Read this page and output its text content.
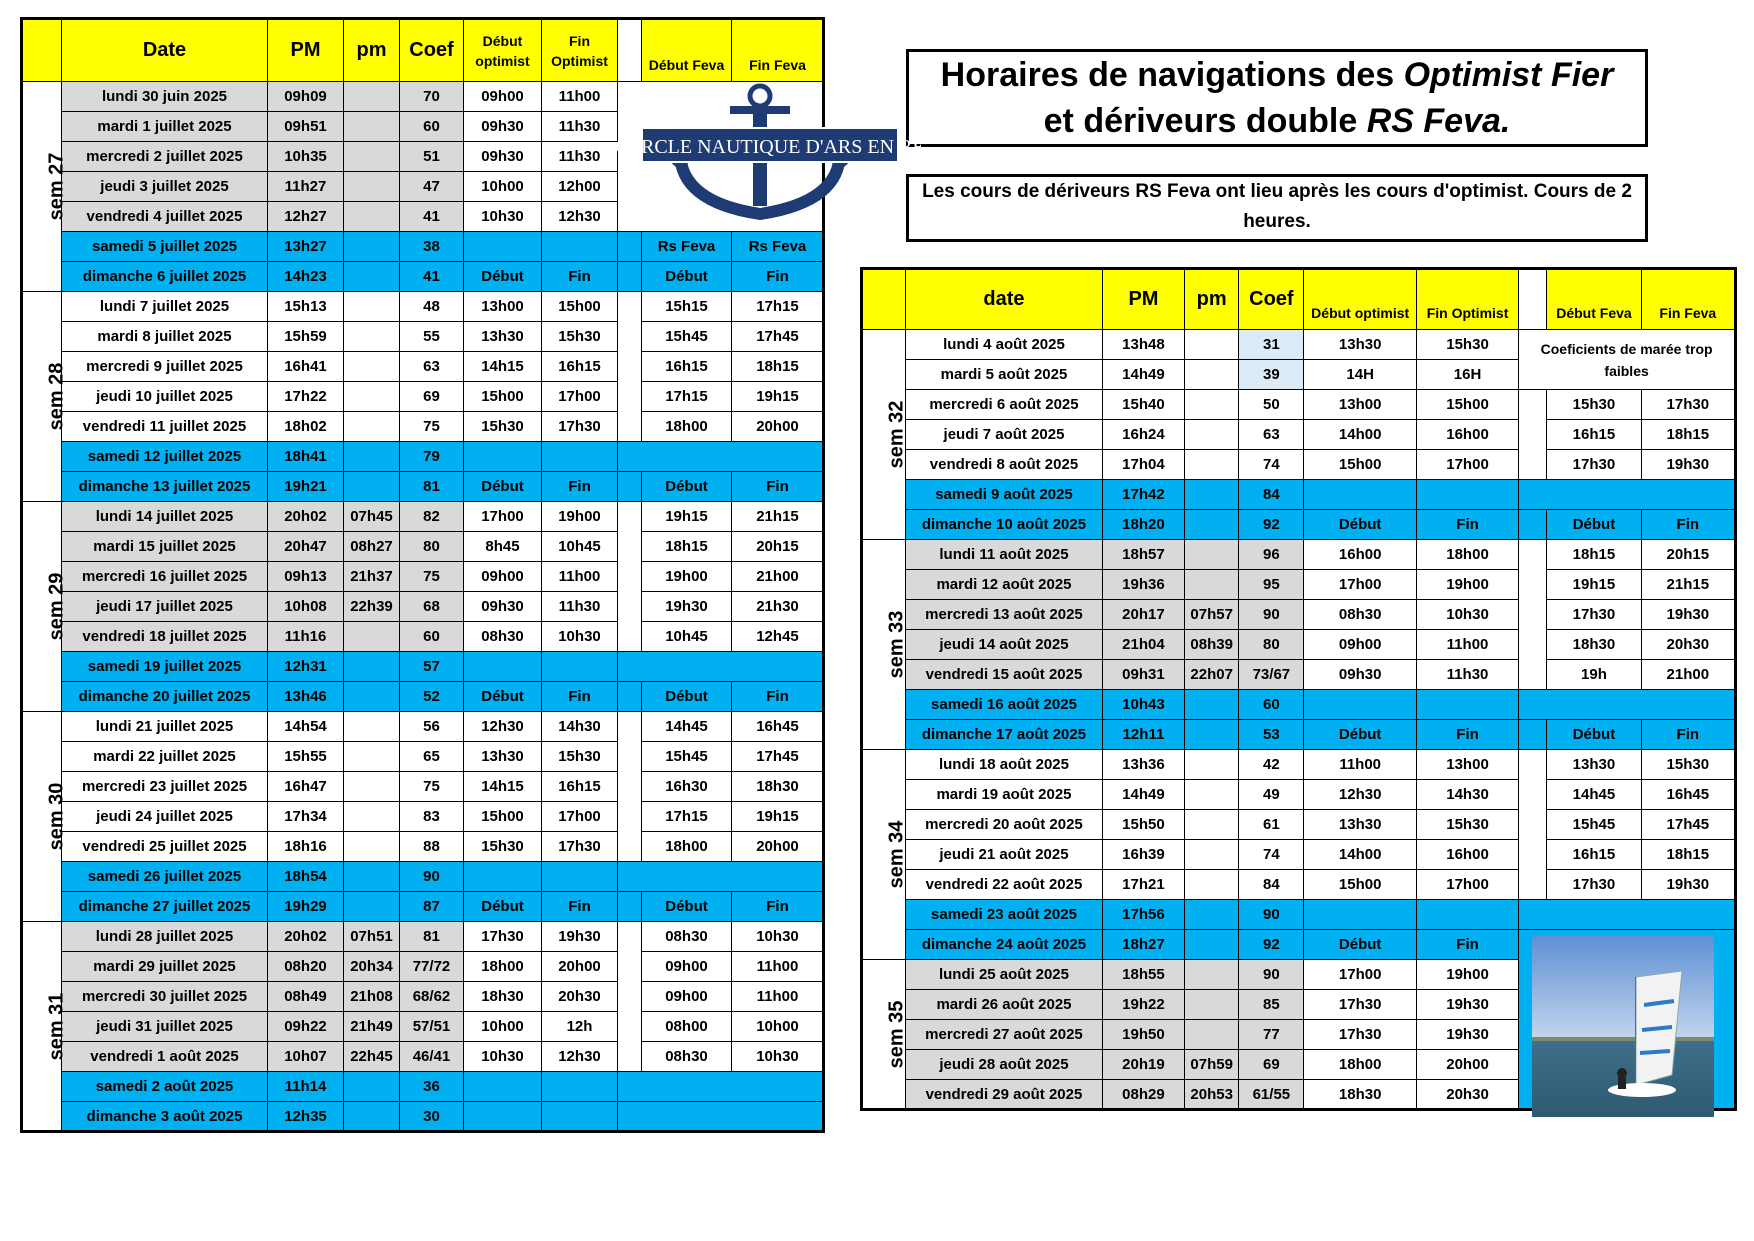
Horaires de navigations des Optimist Fier
et dériveurs double RS Feva.
Les cours de dériveurs RS Feva ont lieu après les cours d'optimist. Cours de 2 heures.
	Date	PM	pm	Coef	Début optimist	Fin Optimist		Début Feva	Fin Feva
sem 27	lundi 30 juin 2025	09h09		70	09h00	11h00			
	mardi 1 juillet 2025	09h51		60	09h30	11h30			
	mercredi 2 juillet 2025	10h35		51	09h30	11h30			
	jeudi 3 juillet 2025	11h27		47	10h00	12h00			
	vendredi 4 juillet 2025	12h27		41	10h30	12h30			
	samedi 5 juillet 2025	13h27		38				Rs Feva	Rs Feva
	dimanche 6 juillet 2025	14h23		41	Début	Fin		Début	Fin
sem 28	lundi 7 juillet 2025	15h13		48	13h00	15h00		15h15	17h15
	mardi 8 juillet 2025	15h59		55	13h30	15h30		15h45	17h45
	mercredi 9 juillet 2025	16h41		63	14h15	16h15		16h15	18h15
	jeudi 10 juillet 2025	17h22		69	15h00	17h00		17h15	19h15
	vendredi 11 juillet 2025	18h02		75	15h30	17h30		18h00	20h00
	samedi 12 juillet 2025	18h41		79					
	dimanche 13 juillet 2025	19h21		81	Début	Fin		Début	Fin
sem 29	lundi 14 juillet 2025	20h02	07h45	82	17h00	19h00		19h15	21h15
	mardi 15 juillet 2025	20h47	08h27	80	8h45	10h45		18h15	20h15
	mercredi 16 juillet 2025	09h13	21h37	75	09h00	11h00		19h00	21h00
	jeudi 17 juillet 2025	10h08	22h39	68	09h30	11h30		19h30	21h30
	vendredi 18 juillet 2025	11h16		60	08h30	10h30		10h45	12h45
	samedi 19 juillet 2025	12h31		57					
	dimanche 20 juillet 2025	13h46		52	Début	Fin		Début	Fin
sem 30	lundi 21 juillet 2025	14h54		56	12h30	14h30		14h45	16h45
	mardi 22 juillet 2025	15h55		65	13h30	15h30		15h45	17h45
	mercredi 23 juillet 2025	16h47		75	14h15	16h15		16h30	18h30
	jeudi 24 juillet 2025	17h34		83	15h00	17h00		17h15	19h15
	vendredi 25 juillet 2025	18h16		88	15h30	17h30		18h00	20h00
	samedi 26 juillet 2025	18h54		90					
	dimanche 27 juillet 2025	19h29		87	Début	Fin		Début	Fin
sem 31	lundi 28 juillet 2025	20h02	07h51	81	17h30	19h30		08h30	10h30
	mardi 29 juillet 2025	08h20	20h34	77/72	18h00	20h00		09h00	11h00
	mercredi 30 juillet 2025	08h49	21h08	68/62	18h30	20h30		09h00	11h00
	jeudi 31 juillet 2025	09h22	21h49	57/51	10h00	12h		08h00	10h00
	vendredi 1 août 2025	10h07	22h45	46/41	10h30	12h30		08h30	10h30
	samedi 2 août 2025	11h14		36					
	dimanche 3 août 2025	12h35		30					
CERCLE NAUTIQUE D'ARS EN RE
	date	PM	pm	Coef	Début optimist	Fin Optimist		Début Feva	Fin Feva
sem 32	lundi 4 août 2025	13h48		31	13h30	15h30	Coeficients de marée trop faibles		

	mardi 5 août 2025	14h49		39	14H	16H			
	mercredi 6 août 2025	15h40		50	13h00	15h00		15h30	17h30
	jeudi 7 août 2025	16h24		63	14h00	16h00		16h15	18h15
	vendredi 8 août 2025	17h04		74	15h00	17h00		17h30	19h30
	samedi 9 août 2025	17h42		84					
	dimanche 10 août 2025	18h20		92	Début	Fin		Début	Fin
sem 33	lundi 11 août 2025	18h57		96	16h00	18h00		18h15	20h15
	mardi 12 août 2025	19h36		95	17h00	19h00		19h15	21h15
	mercredi 13 août 2025	20h17	07h57	90	08h30	10h30		17h30	19h30
	jeudi 14 août 2025	21h04	08h39	80	09h00	11h00		18h30	20h30
	vendredi 15 août 2025	09h31	22h07	73/67	09h30	11h30		19h	21h00
	samedi 16 août 2025	10h43		60					
	dimanche 17 août 2025	12h11		53	Début	Fin		Début	Fin
sem 34	lundi 18 août 2025	13h36		42	11h00	13h00		13h30	15h30
	mardi 19 août 2025	14h49		49	12h30	14h30		14h45	16h45
	mercredi 20 août 2025	15h50		61	13h30	15h30		15h45	17h45
	jeudi 21 août 2025	16h39		74	14h00	16h00		16h15	18h15
	vendredi 22 août 2025	17h21		84	15h00	17h00		17h30	19h30
	samedi 23 août 2025	17h56		90					
	dimanche 24 août 2025	18h27		92	Début	Fin			
sem 35	lundi 25 août 2025	18h55		90	17h00	19h00			
	mardi 26 août 2025	19h22		85	17h30	19h30			
	mercredi 27 août 2025	19h50		77	17h30	19h30			
	jeudi 28 août 2025	20h19	07h59	69	18h00	20h00			
	vendredi 29 août 2025	08h29	20h53	61/55	18h30	20h30			
